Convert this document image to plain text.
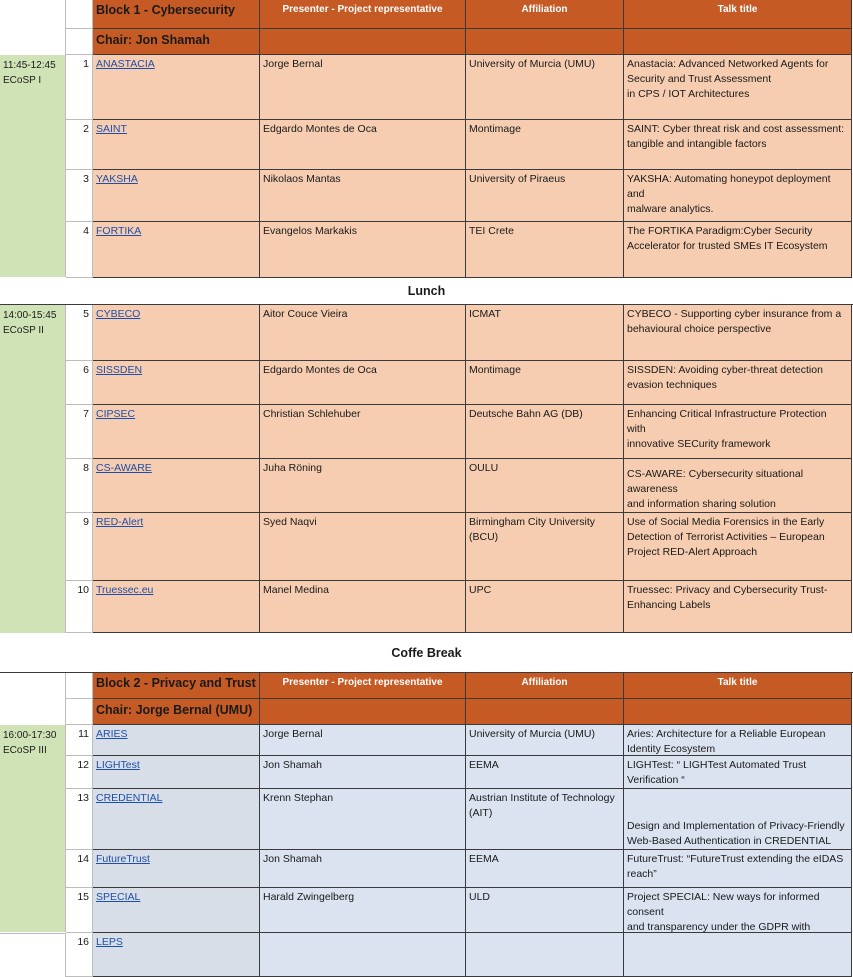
11:45-12:45
ECoSP I
14:00-15:45
ECoSP II
16:00-17:30
ECoSP III
Block 1 - Cybersecurity	Presenter - Project representative	Affiliation	Talk title
Chair: Jon Shamah
1 ANASTACIA	Jorge Bernal	University of Murcia (UMU)	Anastacia: Advanced Networked Agents for
Security and Trust Assessment
in CPS / IOT Architectures
2 SAINT	Edgardo Montes de Oca	Montimage	SAINT: Cyber threat risk and cost assessment:
tangible and intangible factors
3 YAKSHA	Nikolaos Mantas	University of Piraeus	YAKSHA: Automating honeypot deployment and
malware analytics.
4 FORTIKA	Evangelos Markakis	TEI Crete	The FORTIKA Paradigm:Cyber Security
Accelerator for trusted SMEs IT Ecosystem
Lunch
5 CYBECO	Aitor Couce Vieira	ICMAT	CYBECO - Supporting cyber insurance from a
behavioural choice perspective
6 SISSDEN	Edgardo Montes de Oca	Montimage	SISSDEN: Avoiding cyber-threat detection
evasion techniques
7 CIPSEC	Christian Schlehuber	Deutsche Bahn AG (DB)	Enhancing Critical Infrastructure Protection with
innovative SECurity framework
8 CS-AWARE	Juha Röning	OULU	CS-AWARE: Cybersecurity situational awareness
and information sharing solution
9 RED-Alert	Syed Naqvi	Birmingham City University (BCU)
Use of Social Media Forensics in the Early
Detection of Terrorist Activities – European
Project RED-Alert Approach
10 Truessec.eu	Manel Medina	UPC	Truessec: Privacy and Cybersecurity Trust-
Enhancing Labels
Coffe Break
Block 2 - Privacy and Trust	Presenter - Project representative	Affiliation	Talk title
Chair: Jorge Bernal (UMU)
11 ARIES	Jorge Bernal	University of Murcia (UMU)	Aries: Architecture for a Reliable European
Identity Ecosystem
12 LIGHTest	Jon Shamah	EEMA	LIGHTest: “ LIGHTest Automated Trust
Verification “
13 CREDENTIAL	Krenn Stephan	Austrian Institute of Technology
(AIT)
Design and Implementation of Privacy-Friendly
Web-Based Authentication in CREDENTIAL
14 FutureTrust	Jon Shamah	EEMA	FutureTrust: “FutureTrust extending the eIDAS
reach”
15 SPECIAL	Harald Zwingelberg	ULD	Project SPECIAL: New ways for informed consent
and transparency under the GDPR with
16 LEPS
